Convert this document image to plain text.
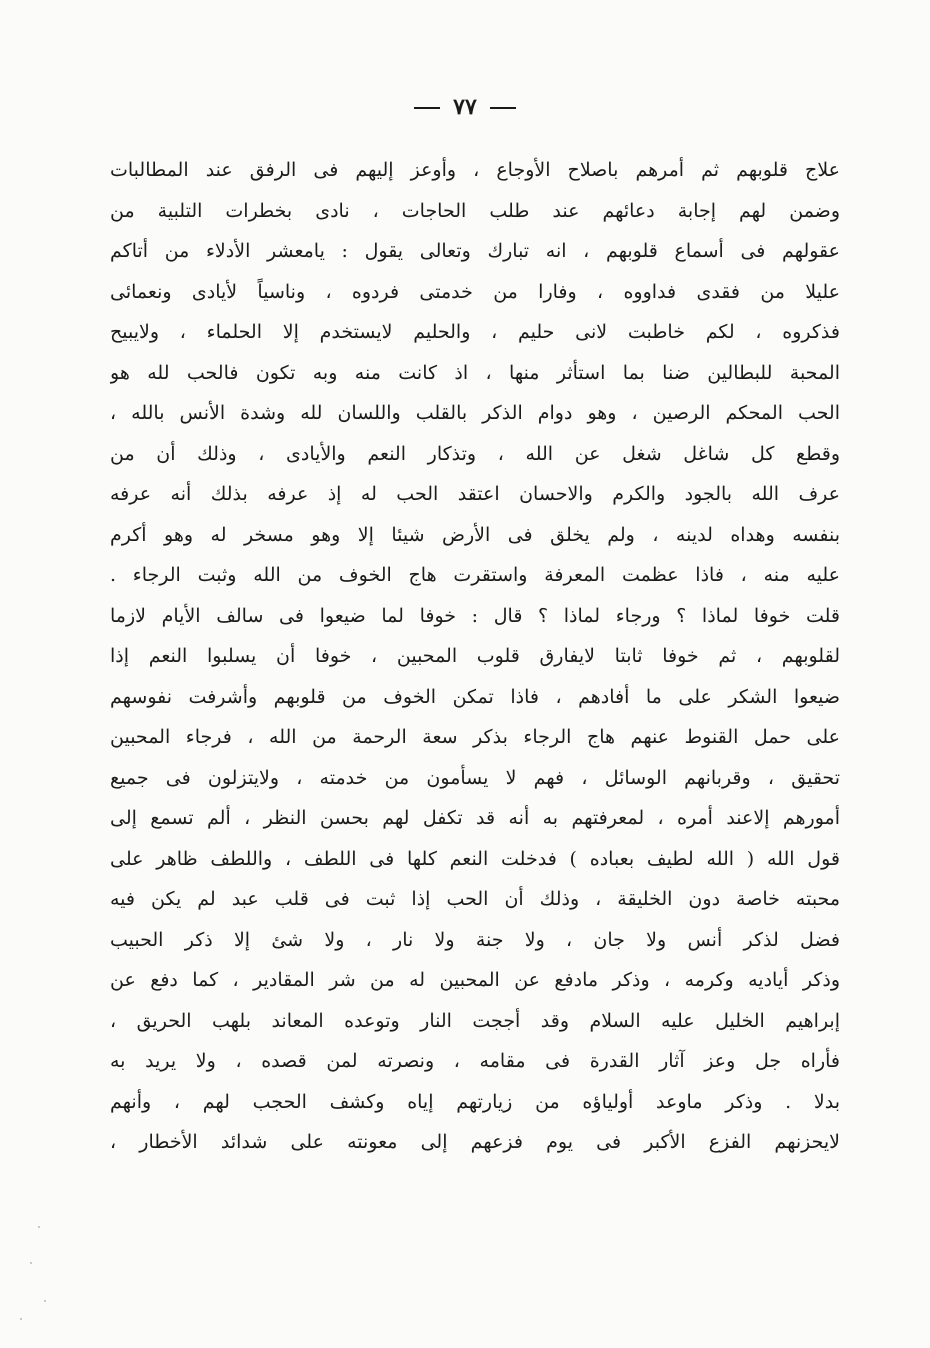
٧٧
علاج قلوبهم ثم أمرهم باصلاح الأوجاع ، وأوعز إليهم فى الرفق عند المطالبات
وضمن لهم إجابة دعائهم عند طلب الحاجات ، نادى بخطرات التلبية من
عقولهم فى أسماع قلوبهم ، انه تبارك وتعالى يقول : يامعشر الأدلاء من أتاكم
عليلا من فقدى فداووه ، وفارا من خدمتى فردوه ، وناسياً لأيادى ونعمائى
فذكروه ، لكم خاطبت لانى حليم ، والحليم لايستخدم إلا الحلماء ، ولايبيح
المحبة للبطالين ضنا بما استأثر منها ، اذ كانت منه وبه تكون فالحب لله هو
الحب المحكم الرصين ، وهو دوام الذكر بالقلب واللسان لله وشدة الأنس بالله ،
وقطع كل شاغل شغل عن الله ، وتذكار النعم والأيادى ، وذلك أن من
عرف الله بالجود والكرم والاحسان اعتقد الحب له إذ عرفه بذلك أنه عرفه
بنفسه وهداه لدينه ، ولم يخلق فى الأرض شيئا إلا وهو مسخر له وهو أكرم
عليه منه ، فاذا عظمت المعرفة واستقرت هاج الخوف من الله وثبت الرجاء .
قلت خوفا لماذا ؟ ورجاء لماذا ؟ قال : خوفا لما ضيعوا فى سالف الأيام لازما
لقلوبهم ، ثم خوفا ثابتا لايفارق قلوب المحبين ، خوفا أن يسلبوا النعم إذا
ضيعوا الشكر على ما أفادهم ، فاذا تمكن الخوف من قلوبهم وأشرفت نفوسهم
على حمل القنوط عنهم هاج الرجاء بذكر سعة الرحمة من الله ، فرجاء المحبين
تحقيق ، وقربانهم الوسائل ، فهم لا يسأمون من خدمته ، ولايتزلون فى جميع
أمورهم إلاعند أمره ، لمعرفتهم به أنه قد تكفل لهم بحسن النظر ، ألم تسمع إلى
قول الله ( الله لطيف بعباده ) فدخلت النعم كلها فى اللطف ، واللطف ظاهر على
محبته خاصة دون الخليقة ، وذلك أن الحب إذا ثبت فى قلب عبد لم يكن فيه
فضل لذكر أنس ولا جان ، ولا جنة ولا نار ، ولا شئ إلا ذكر الحبيب
وذكر أياديه وكرمه ، وذكر مادفع عن المحبين له من شر المقادير ، كما دفع عن
إبراهيم الخليل عليه السلام وقد أججت النار وتوعده المعاند بلهب الحريق ،
فأراه جل وعز آثار القدرة فى مقامه ، ونصرته لمن قصده ، ولا يريد به
بدلا . وذكر ماوعد أولياؤه من زيارتهم إياه وكشف الحجب لهم ، وأنهم
لايحزنهم الفزع الأكبر فى يوم فزعهم إلى معونته على شدائد الأخطار ،
